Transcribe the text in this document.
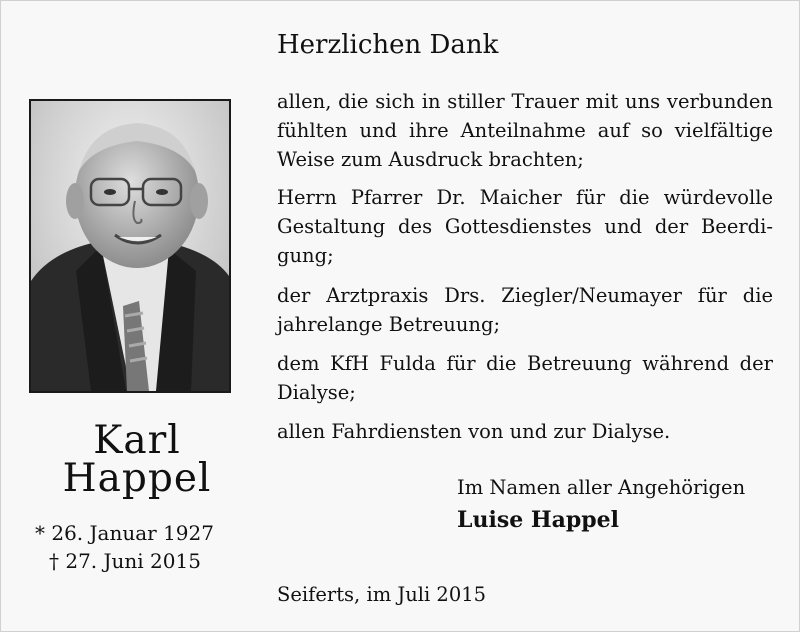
Karl
Happel
* 26. Januar 1927
† 27. Juni 2015
Herzlichen Dank
allen, die sich in stiller Trauer mit uns verbunden fühlten und ihre Anteilnahme auf so vielfältige Weise zum Ausdruck brachten;
Herrn Pfarrer Dr. Maicher für die würdevolle Gestaltung des Gottesdienstes und der Beerdi-gung;
der Arztpraxis Drs. Ziegler/Neumayer für die jahrelange Betreuung;
dem KfH Fulda für die Betreuung während der Dialyse;
allen Fahrdiensten von und zur Dialyse.
Im Namen aller Angehörigen
Luise Happel
Seiferts, im Juli 2015
